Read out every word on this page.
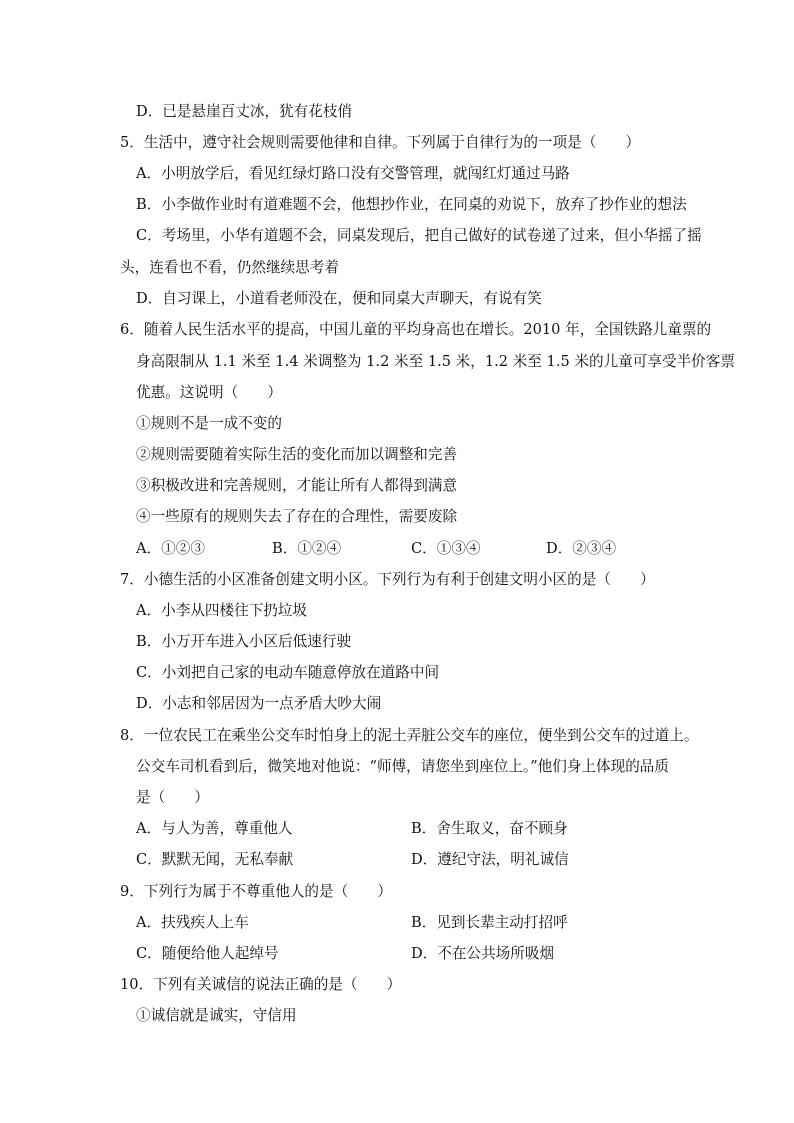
D．已是悬崖百丈冰，犹有花枝俏
5．生活中，遵守社会规则需要他律和自律。下列属于自律行为的一项是（　　）
A．小明放学后，看见红绿灯路口没有交警管理，就闯红灯通过马路
B．小李做作业时有道难题不会，他想抄作业，在同桌的劝说下，放弃了抄作业的想法
C．考场里，小华有道题不会，同桌发现后，把自己做好的试卷递了过来，但小华摇了摇
头，连看也不看，仍然继续思考着
D．自习课上，小道看老师没在，便和同桌大声聊天，有说有笑
6．随着人民生活水平的提高，中国儿童的平均身高也在增长。2010 年，全国铁路儿童票的
身高限制从 1.1 米至 1.4 米调整为 1.2 米至 1.5 米，1.2 米至 1.5 米的儿童可享受半价客票
优惠。这说明（　　）
①规则不是一成不变的
②规则需要随着实际生活的变化而加以调整和完善
③积极改进和完善规则，才能让所有人都得到满意
④一些原有的规则失去了存在的合理性，需要废除
A．①②③	B．①②④	C．①③④	D．②③④
7．小德生活的小区准备创建文明小区。下列行为有利于创建文明小区的是（　　）
A．小李从四楼往下扔垃圾
B．小万开车进入小区后低速行驶
C．小刘把自己家的电动车随意停放在道路中间
D．小志和邻居因为一点矛盾大吵大闹
8．一位农民工在乘坐公交车时怕身上的泥土弄脏公交车的座位，便坐到公交车的过道上。
公交车司机看到后，微笑地对他说：“师傅，请您坐到座位上。”他们身上体现的品质
是（　　）
A．与人为善，尊重他人	B．舍生取义，奋不顾身
C．默默无闻，无私奉献	D．遵纪守法，明礼诚信
9．下列行为属于不尊重他人的是（　　）
A．扶残疾人上车	B．见到长辈主动打招呼
C．随便给他人起绰号	D．不在公共场所吸烟
10．下列有关诚信的说法正确的是（　　）
①诚信就是诚实，守信用
